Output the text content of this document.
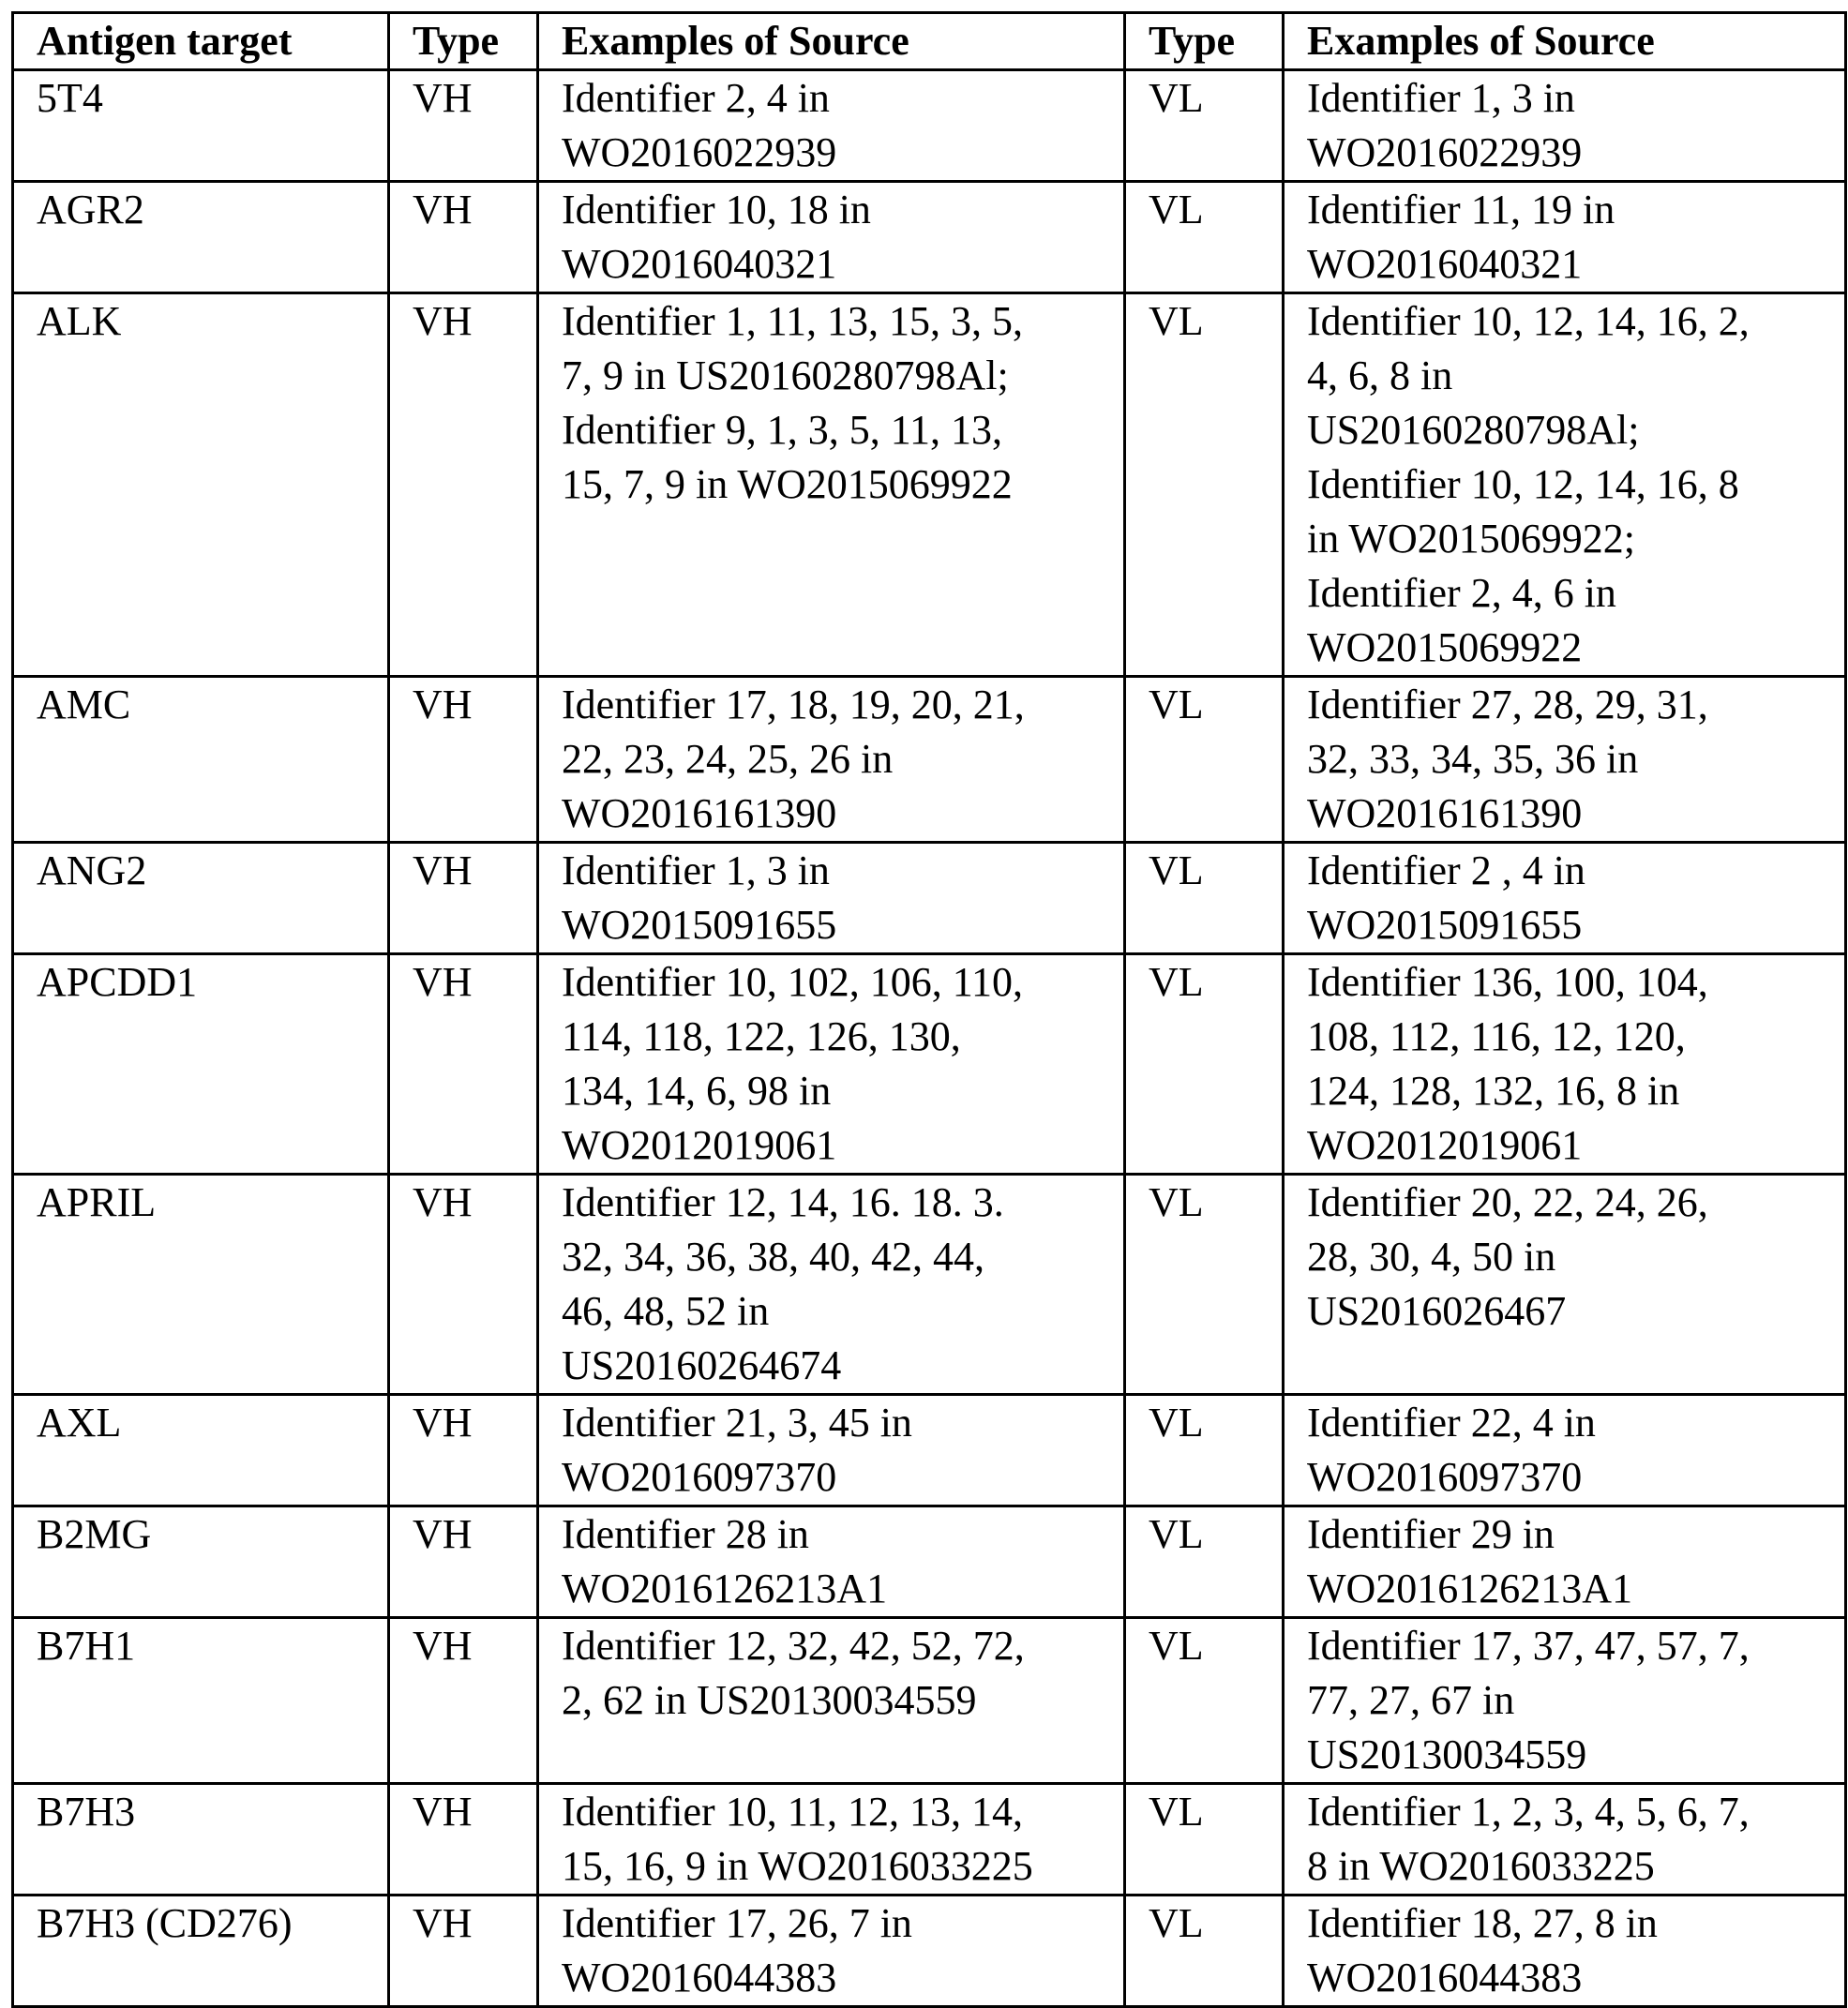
Antigen target	Type	Examples of Source	Type	Examples of Source
5T4	VH	Identifier 2, 4 in
WO2016022939	VL	Identifier 1, 3 in
WO2016022939
AGR2	VH	Identifier 10, 18 in
WO2016040321	VL	Identifier 11, 19 in
WO2016040321
ALK	VH	Identifier 1, 11, 13, 15, 3, 5,
7, 9 in US20160280798Al;
Identifier 9, 1, 3, 5, 11, 13,
15, 7, 9 in WO2015069922	VL	Identifier 10, 12, 14, 16, 2,
4, 6, 8 in
US20160280798Al;
Identifier 10, 12, 14, 16, 8
in WO2015069922;
Identifier 2, 4, 6 in
WO2015069922
AMC	VH	Identifier 17, 18, 19, 20, 21,
22, 23, 24, 25, 26 in
WO2016161390	VL	Identifier 27, 28, 29, 31,
32, 33, 34, 35, 36 in
WO2016161390
ANG2	VH	Identifier 1, 3 in
WO2015091655	VL	Identifier 2 , 4 in
WO2015091655
APCDD1	VH	Identifier 10, 102, 106, 110,
114, 118, 122, 126, 130,
134, 14, 6, 98 in
WO2012019061	VL	Identifier 136, 100, 104,
108, 112, 116, 12, 120,
124, 128, 132, 16, 8 in
WO2012019061
APRIL	VH	Identifier 12, 14, 16. 18. 3.
32, 34, 36, 38, 40, 42, 44,
46, 48, 52 in
US20160264674	VL	Identifier 20, 22, 24, 26,
28, 30, 4, 50 in
US2016026467
AXL	VH	Identifier 21, 3, 45 in
WO2016097370	VL	Identifier 22, 4 in
WO2016097370
B2MG	VH	Identifier 28 in
WO2016126213A1	VL	Identifier 29 in
WO2016126213A1
B7H1	VH	Identifier 12, 32, 42, 52, 72,
2, 62 in US20130034559	VL	Identifier 17, 37, 47, 57, 7,
77, 27, 67 in
US20130034559
B7H3	VH	Identifier 10, 11, 12, 13, 14,
15, 16, 9 in WO2016033225	VL	Identifier 1, 2, 3, 4, 5, 6, 7,
8 in WO2016033225
B7H3 (CD276)	VH	Identifier 17, 26, 7 in
WO2016044383	VL	Identifier 18, 27, 8 in
WO2016044383
